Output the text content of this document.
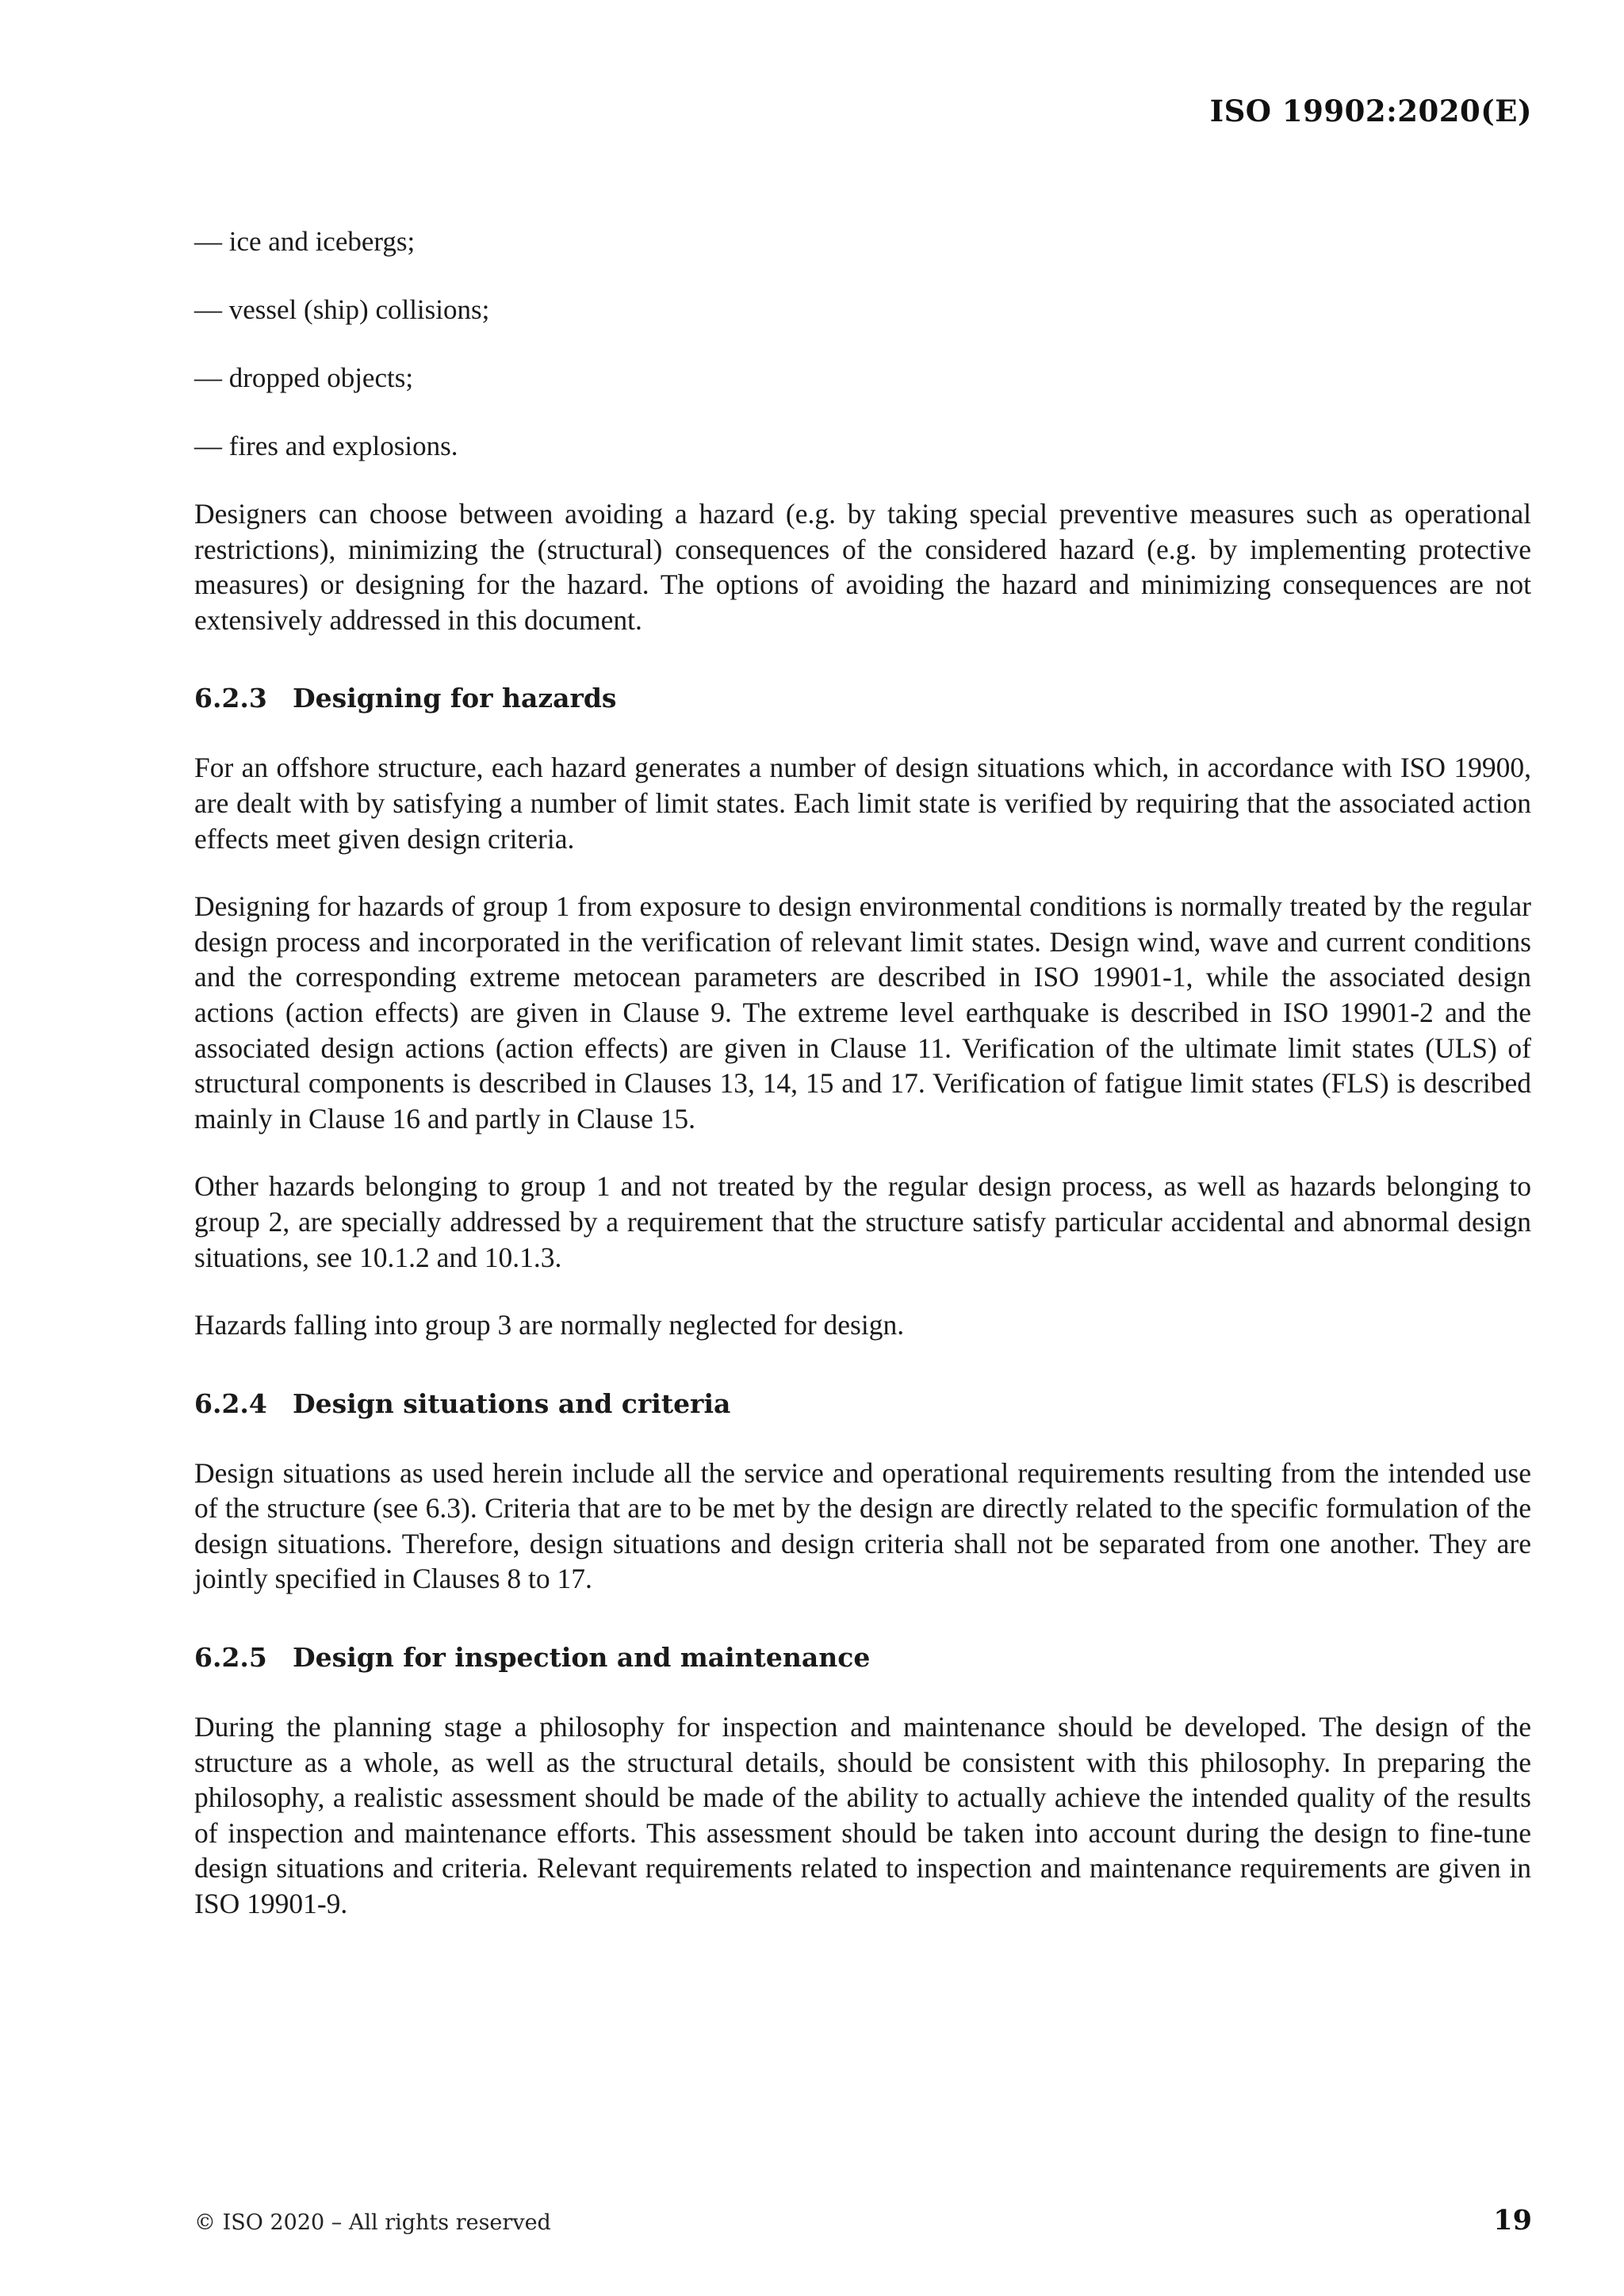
ISO 19902:2020(E)
— ice and icebergs;
— vessel (ship) collisions;
— dropped objects;
— fires and explosions.

Designers can choose between avoiding a hazard (e.g. by taking special preventive measures such as operational restrictions), minimizing the (structural) consequences of the considered hazard (e.g. by implementing protective measures) or designing for the hazard. The options of avoiding the hazard and minimizing consequences are not extensively addressed in this document.

6.2.3 Designing for hazards

For an offshore structure, each hazard generates a number of design situations which, in accordance with ISO 19900, are dealt with by satisfying a number of limit states. Each limit state is verified by requiring that the associated action effects meet given design criteria.

Designing for hazards of group 1 from exposure to design environmental conditions is normally treated by the regular design process and incorporated in the verification of relevant limit states. Design wind, wave and current conditions and the corresponding extreme metocean parameters are described in ISO 19901-1, while the associated design actions (action effects) are given in Clause 9. The extreme level earthquake is described in ISO 19901-2 and the associated design actions (action effects) are given in Clause 11. Verification of the ultimate limit states (ULS) of structural components is described in Clauses 13, 14, 15 and 17. Verification of fatigue limit states (FLS) is described mainly in Clause 16 and partly in Clause 15.

Other hazards belonging to group 1 and not treated by the regular design process, as well as hazards belonging to group 2, are specially addressed by a requirement that the structure satisfy particular accidental and abnormal design situations, see 10.1.2 and 10.1.3.

Hazards falling into group 3 are normally neglected for design.

6.2.4 Design situations and criteria

Design situations as used herein include all the service and operational requirements resulting from the intended use of the structure (see 6.3). Criteria that are to be met by the design are directly related to the specific formulation of the design situations. Therefore, design situations and design criteria shall not be separated from one another. They are jointly specified in Clauses 8 to 17.

6.2.5 Design for inspection and maintenance

During the planning stage a philosophy for inspection and maintenance should be developed. The design of the structure as a whole, as well as the structural details, should be consistent with this philosophy. In preparing the philosophy, a realistic assessment should be made of the ability to actually achieve the intended quality of the results of inspection and maintenance efforts. This assessment should be taken into account during the design to fine-tune design situations and criteria. Relevant requirements related to inspection and maintenance requirements are given in ISO 19901-9.

© ISO 2020 – All rights reserved	19
